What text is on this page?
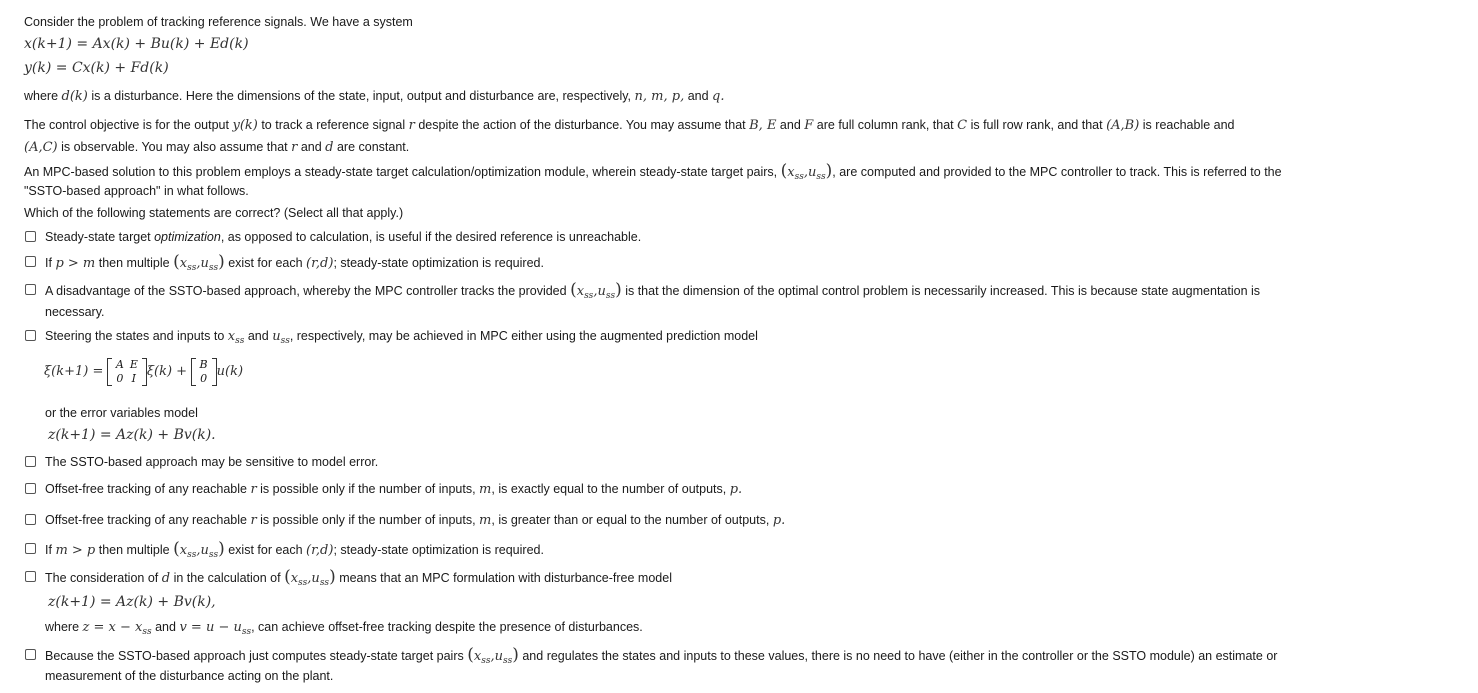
Consider the problem of tracking reference signals. We have a system
x(k+1) = Ax(k) + Bu(k) + Ed(k)
y(k) = Cx(k) + Fd(k)
where d(k) is a disturbance. Here the dimensions of the state, input, output and disturbance are, respectively, n, m, p, and q.
The control objective is for the output y(k) to track a reference signal r despite the action of the disturbance. You may assume that B, E and F are full column rank, that C is full row rank, and that (A,B) is reachable and
(A,C) is observable. You may also assume that r and d are constant.
An MPC-based solution to this problem employs a steady-state target calculation/optimization module, wherein steady-state target pairs, $(x_{ss},u_{ss})$, are computed and provided to the MPC controller to track. This is referred to the
"SSTO-based approach" in what follows.
Which of the following statements are correct? (Select all that apply.)
Steady-state target optimization, as opposed to calculation, is useful if the desired reference is unreachable.
If p > m then multiple $(x_{ss},u_{ss})$ exist for each (r,d); steady-state optimization is required.
A disadvantage of the SSTO-based approach, whereby the MPC controller tracks the provided $(x_{ss},u_{ss})$ is that the dimension of the optimal control problem is necessarily increased. This is because state augmentation is
necessary.
Steering the states and inputs to $x_{ss}$ and $u_{ss}$, respectively, may be achieved in MPC either using the augmented prediction model
ξ(k+1) = A	E
0	I ξ(k) + B
0 u(k)
or the error variables model
z(k+1) = Az(k) + Bv(k).
The SSTO-based approach may be sensitive to model error.
Offset-free tracking of any reachable r is possible only if the number of inputs, m, is exactly equal to the number of outputs, p.
Offset-free tracking of any reachable r is possible only if the number of inputs, m, is greater than or equal to the number of outputs, p.
If m > p then multiple $(x_{ss},u_{ss})$ exist for each (r,d); steady-state optimization is required.
The consideration of d in the calculation of $(x_{ss},u_{ss})$ means that an MPC formulation with disturbance-free model
z(k+1) = Az(k) + Bv(k),
where $z = x - x_{ss}$ and $v = u - u_{ss}$, can achieve offset-free tracking despite the presence of disturbances.
Because the SSTO-based approach just computes steady-state target pairs $(x_{ss},u_{ss})$ and regulates the states and inputs to these values, there is no need to have (either in the controller or the SSTO module) an estimate or
measurement of the disturbance acting on the plant.
